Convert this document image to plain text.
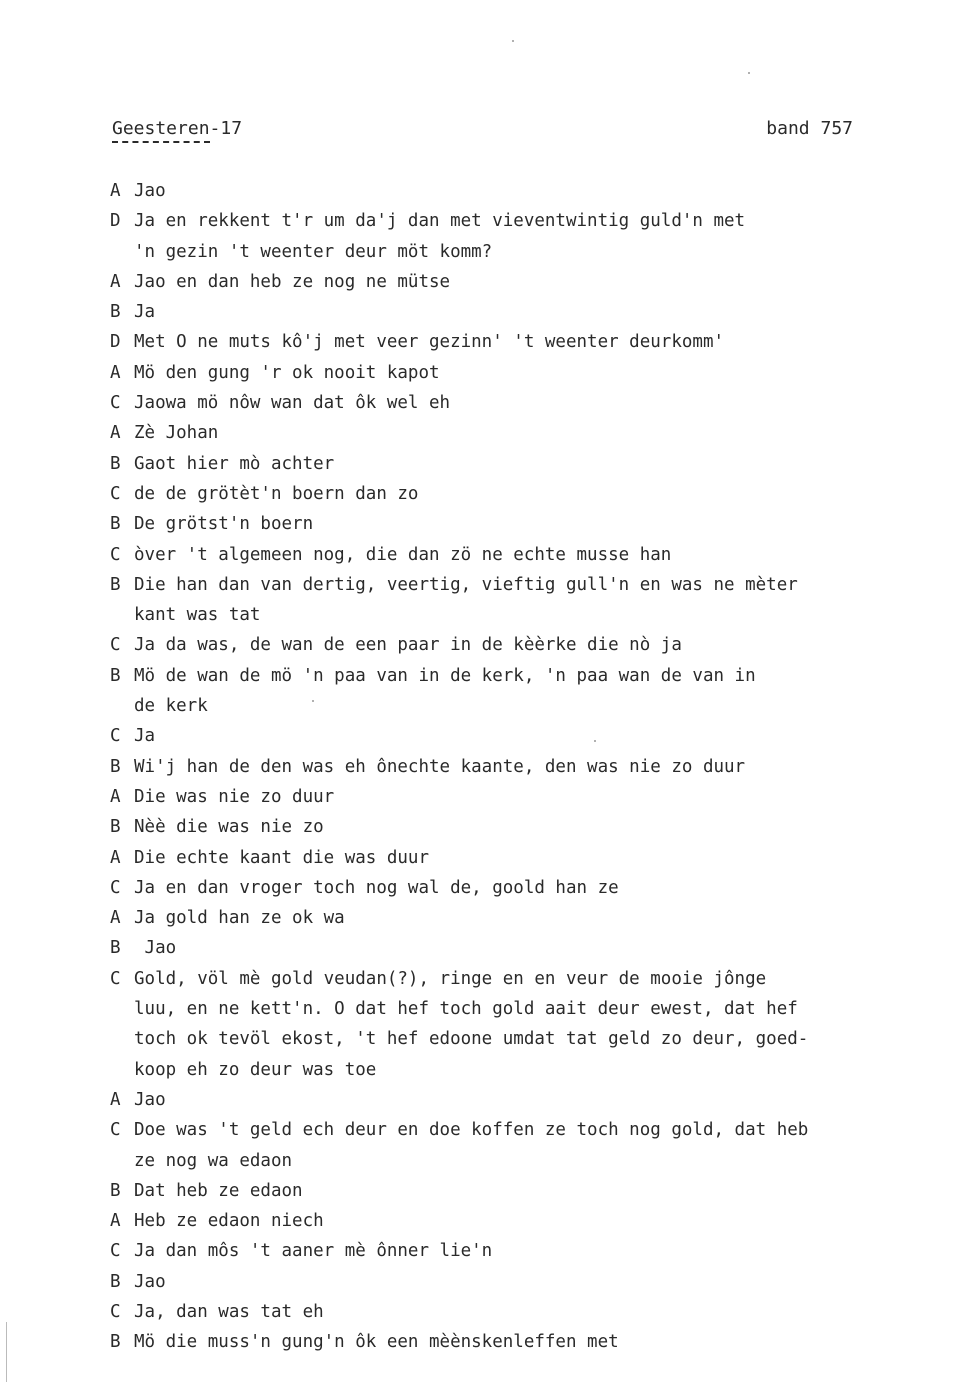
Geesteren-17	band 757
A Jao
D Ja en rekkent t'r um da'j dan met vieventwintig guld'n met
'n gezin 't weenter deur möt komm?
A Jao en dan heb ze nog ne mütse
B Ja
D Met O ne muts kô'j met veer gezinn' 't weenter deurkomm'
A Mö den gung 'r ok nooit kapot
C Jaowa mö nôw wan dat ôk wel eh
A Zè Johan
B Gaot hier mò achter
C de de grötèt'n boern dan zo
B De grötst'n boern
C òver 't algemeen nog, die dan zö ne echte musse han
B Die han dan van dertig, veertig, vieftig gull'n en was ne mèter
kant was tat
C Ja da was, de wan de een paar in de kèèrke die nò ja
B Mö de wan de mö 'n paa van in de kerk, 'n paa wan de van in
de kerk
C Ja
B Wi'j han de den was eh ônechte kaante, den was nie zo duur
A Die was nie zo duur
B Nèè die was nie zo
A Die echte kaant die was duur
C Ja en dan vroger toch nog wal de, goold han ze
A Ja gold han ze ok wa
B Jao
C Gold, völ mè gold veudan(?), ringe en en veur de mooie jônge
luu, en ne kett'n. O dat hef toch gold aait deur ewest, dat hef
toch ok tevöl ekost, 't hef edoone umdat tat geld zo deur, goed-
koop eh zo deur was toe
A Jao
C Doe was 't geld ech deur en doe koffen ze toch nog gold, dat heb
ze nog wa edaon
B Dat heb ze edaon
A Heb ze edaon niech
C Ja dan môs 't aaner mè ônner lie'n
B Jao
C Ja, dan was tat eh
B Mö die muss'n gung'n ôk een mèènskenleffen met
